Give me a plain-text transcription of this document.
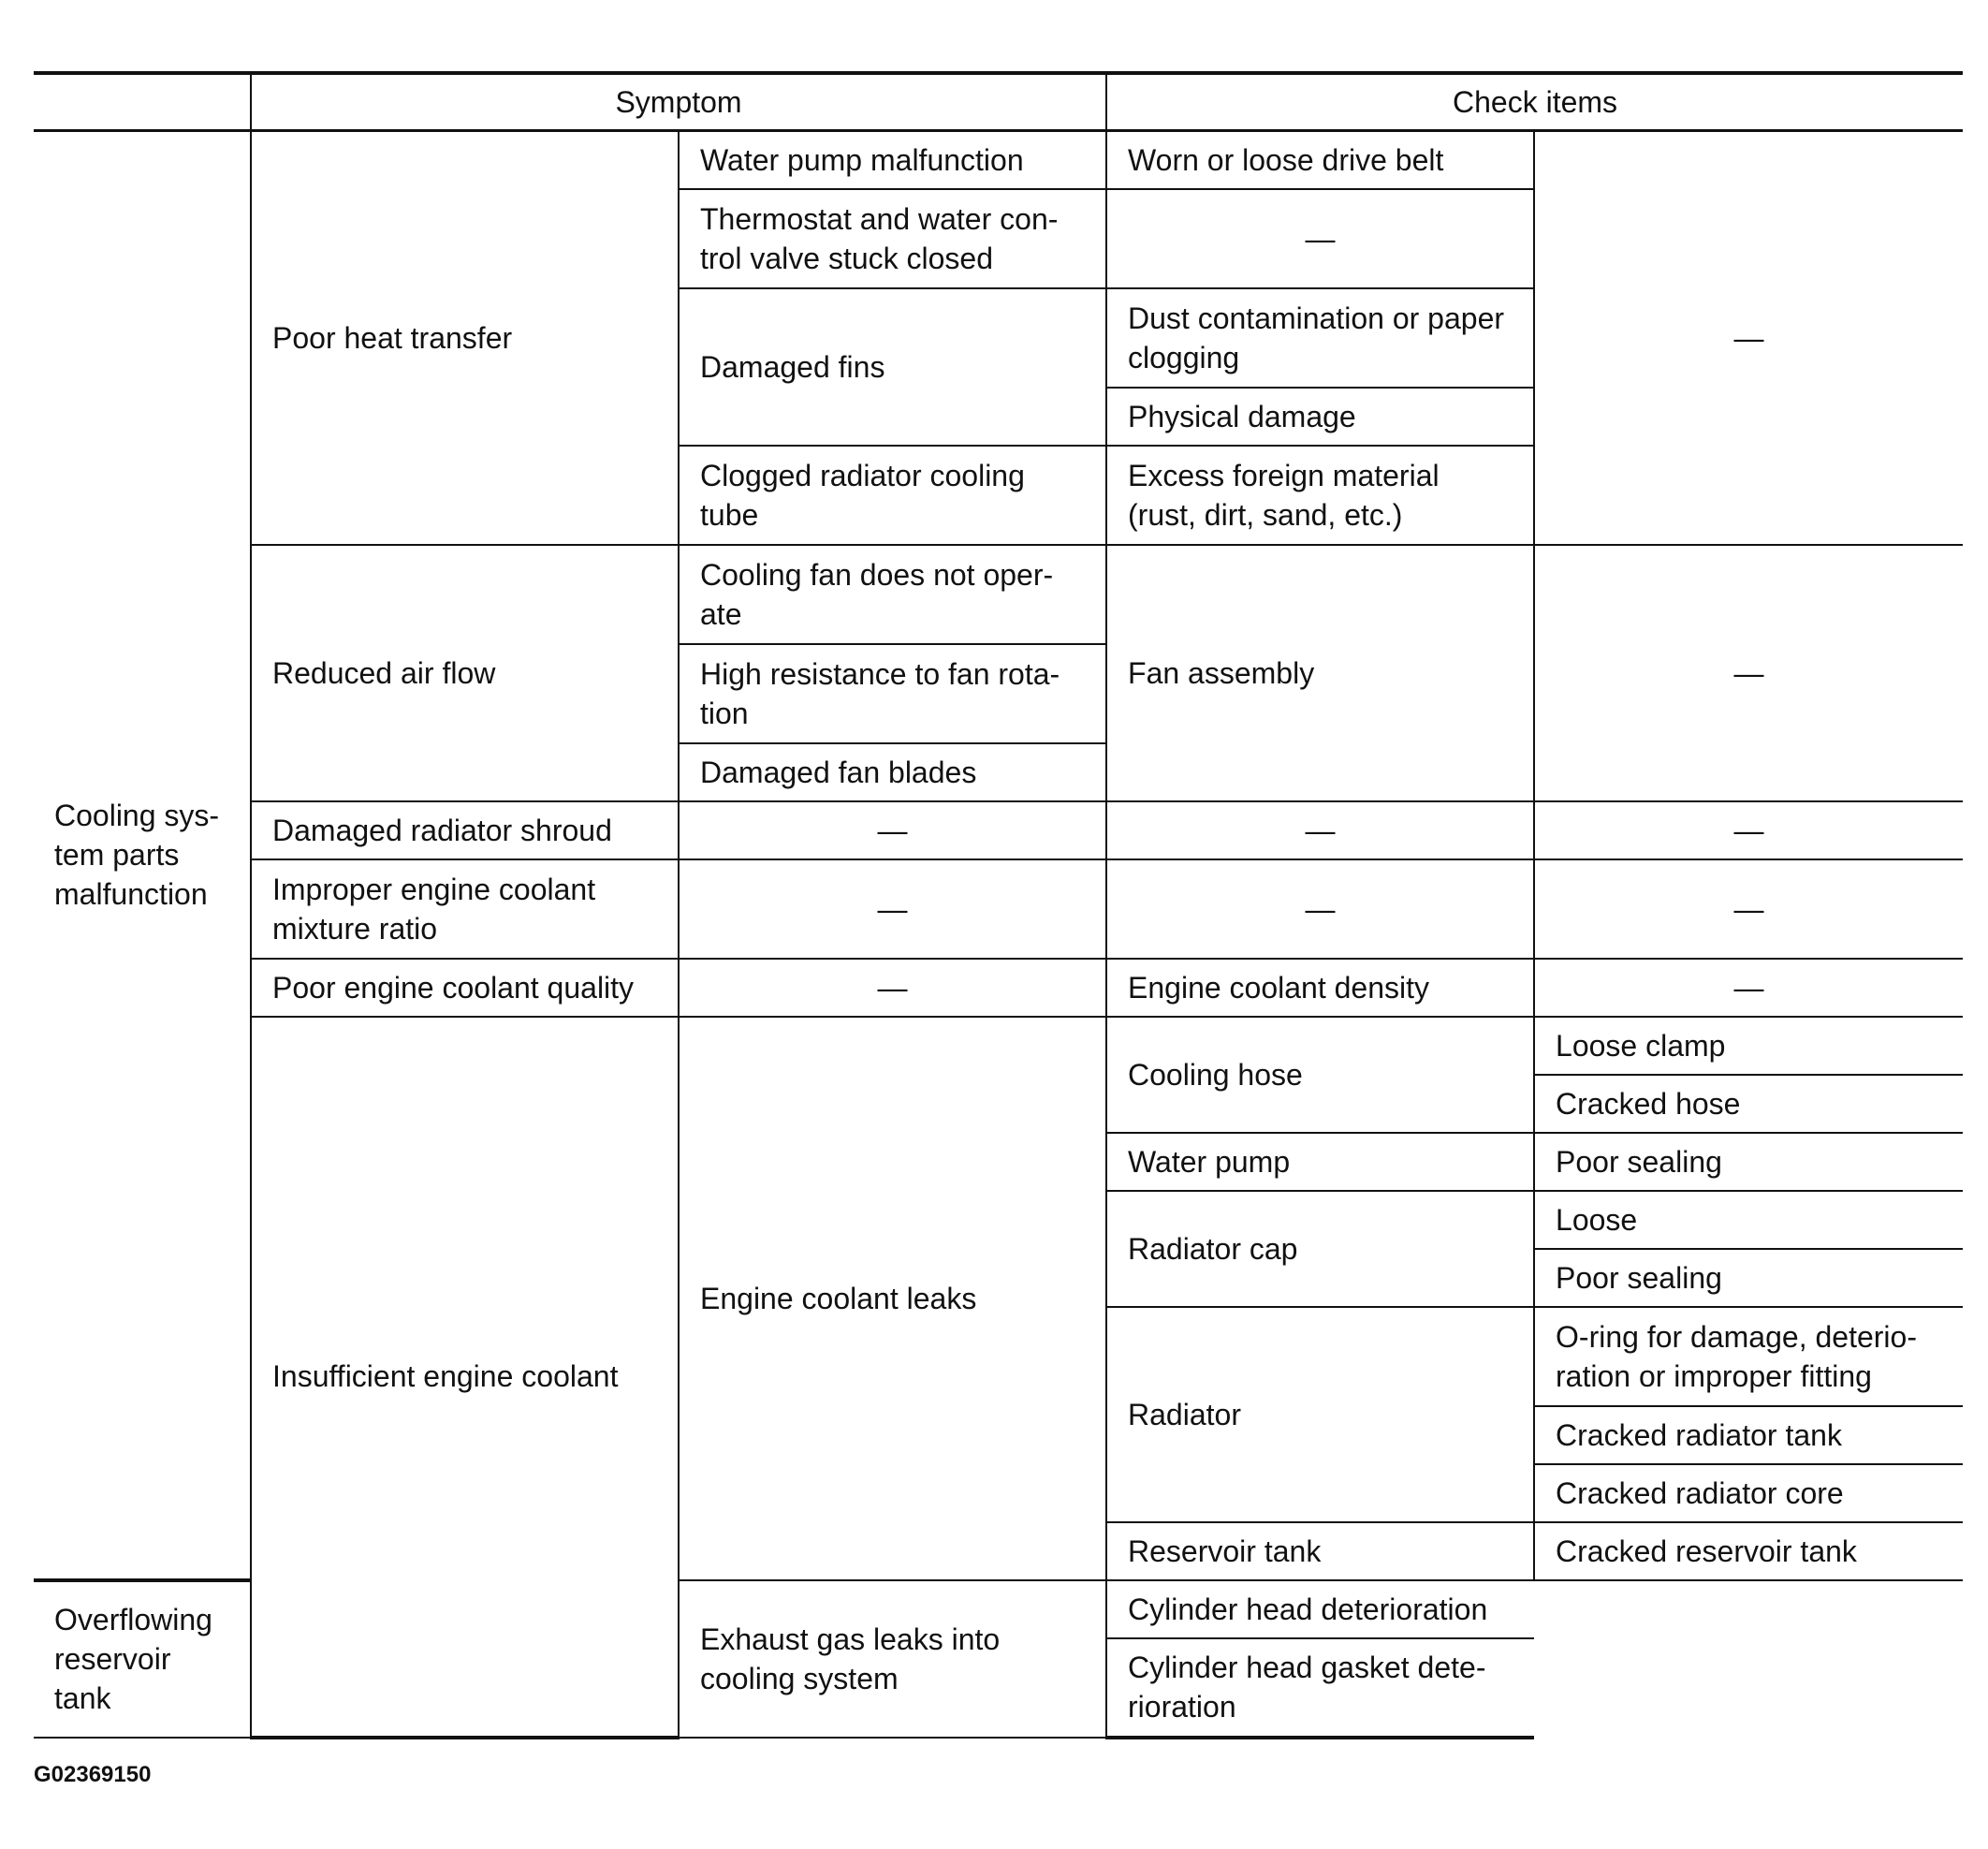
	Symptom		Check items	
Cooling sys-tem parts malfunction	Poor heat transfer	Water pump malfunction	Worn or loose drive belt	—
		Thermostat and water con-trol valve stuck closed	—	
		Damaged fins	Dust contamination or paper clogging	
			Physical damage	
		Clogged radiator cooling tube	Excess foreign material (rust, dirt, sand, etc.)	

	Reduced air flow	Cooling fan does not oper-ate	Fan assembly	—
		High resistance to fan rota-tion		
		Damaged fan blades		
	Damaged radiator shroud	—	—	—
	Improper engine coolant mixture ratio	—	—	—
	Poor engine coolant quality	—	Engine coolant density	—
	Insufficient engine coolant	Engine coolant leaks	Cooling hose	Loose clamp
				Cracked hose
			Water pump	Poor sealing
			Radiator cap	Loose
				Poor sealing
			Radiator	O-ring for damage, deterio-ration or improper fitting
				Cracked radiator tank
				Cracked radiator core
			Reservoir tank	Cracked reservoir tank

Overflowing reservoir tank		Exhaust gas leaks into cooling system	Cylinder head deterioration	
			Cylinder head gasket dete-rioration	
G02369150
